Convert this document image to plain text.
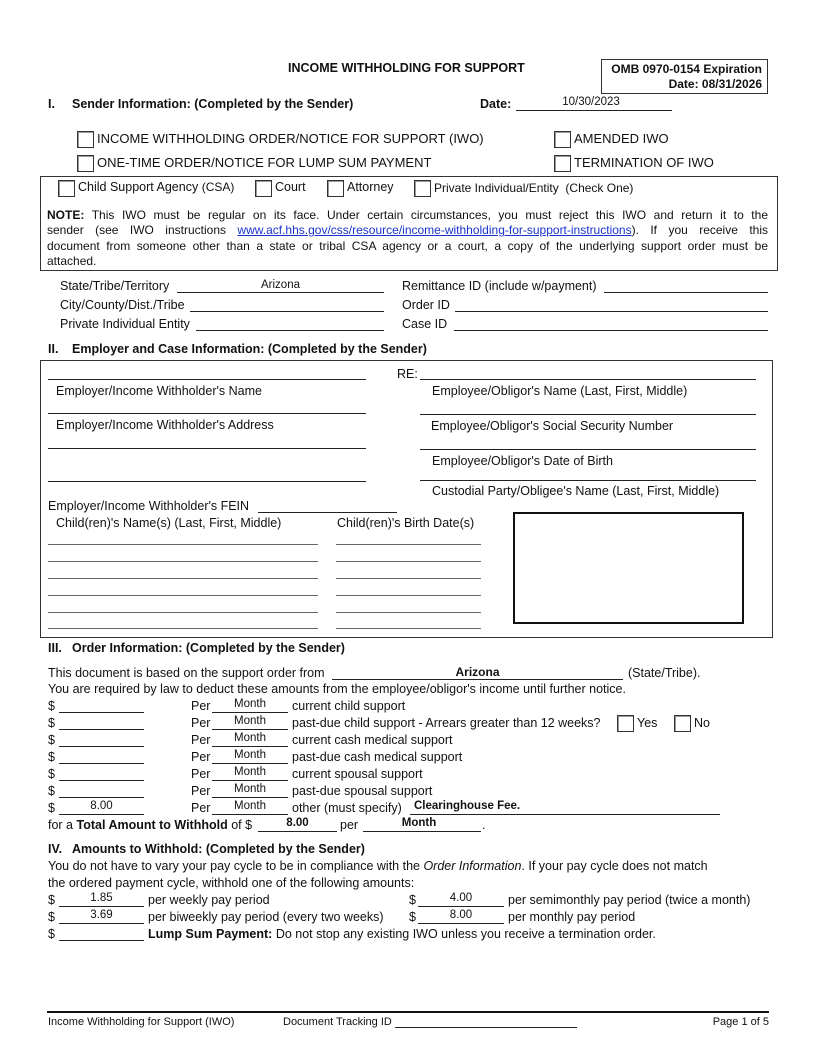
INCOME WITHHOLDING FOR SUPPORT	OMB 0970-0154 Expiration
Date: 08/31/2026
I. Sender Information: (Completed by the Sender)	Date:	10/30/2023
INCOME WITHHOLDING ORDER/NOTICE FOR SUPPORT (IWO)
ONE-TIME ORDER/NOTICE FOR LUMP SUM PAYMENT
AMENDED IWO
TERMINATION OF IWO
Child Support Agency (CSA)	Court	Attorney	Private Individual/Entity (Check One)
NOTE: This IWO must be regular on its face. Under certain circumstances, you must reject this IWO and return it to the
sender (see IWO instructions www.acf.hhs.gov/css/resource/income-withholding-for-support-instructions). If you receive this
document from someone other than a state or tribal CSA agency or a court, a copy of the underlying support order must be
attached.
State/Tribe/Territory	Arizona
City/County/Dist./Tribe
Private Individual Entity
Remittance ID (include w/payment)
Order ID
Case ID
II. Employer and Case Information: (Completed by the Sender)
Employer/Income Withholder's Name
Employer/Income Withholder's Address
Employer/Income Withholder's FEIN
RE:
Employee/Obligor's Name (Last, First, Middle)
Employee/Obligor's Social Security Number
Employee/Obligor's Date of Birth
Custodial Party/Obligee's Name (Last, First, Middle)
Child(ren)'s Name(s) (Last, First, Middle)	Child(ren)'s Birth Date(s)
III. Order Information: (Completed by the Sender)
This document is based on the support order from	Arizona	(State/Tribe).
You are required by law to deduct these amounts from the employee/obligor's income until further notice.
$	Per	Month	current child support
$	Per	Month	past-due child support - Arrears greater than 12 weeks?	Yes	No
$	Per	Month	current cash medical support
$	Per	Month	past-due cash medical support
$	Per	Month	current spousal support
$	Per	Month	past-due spousal support
$	8.00	Per	Month	other (must specify) Clearinghouse Fee.
for a Total Amount to Withhold of $	8.00	per	Month	.
IV. Amounts to Withhold: (Completed by the Sender)
You do not have to vary your pay cycle to be in compliance with the Order Information. If your pay cycle does not match
the ordered payment cycle, withhold one of the following amounts:
$	1.85	per weekly pay period	$	4.00	per semimonthly pay period (twice a month)
$	3.69	per biweekly pay period (every two weeks) $	8.00	per monthly pay period
$	Lump Sum Payment: Do not stop any existing IWO unless you receive a termination order.
Income Withholding for Support (IWO)	Document Tracking ID	Page 1 of 5
